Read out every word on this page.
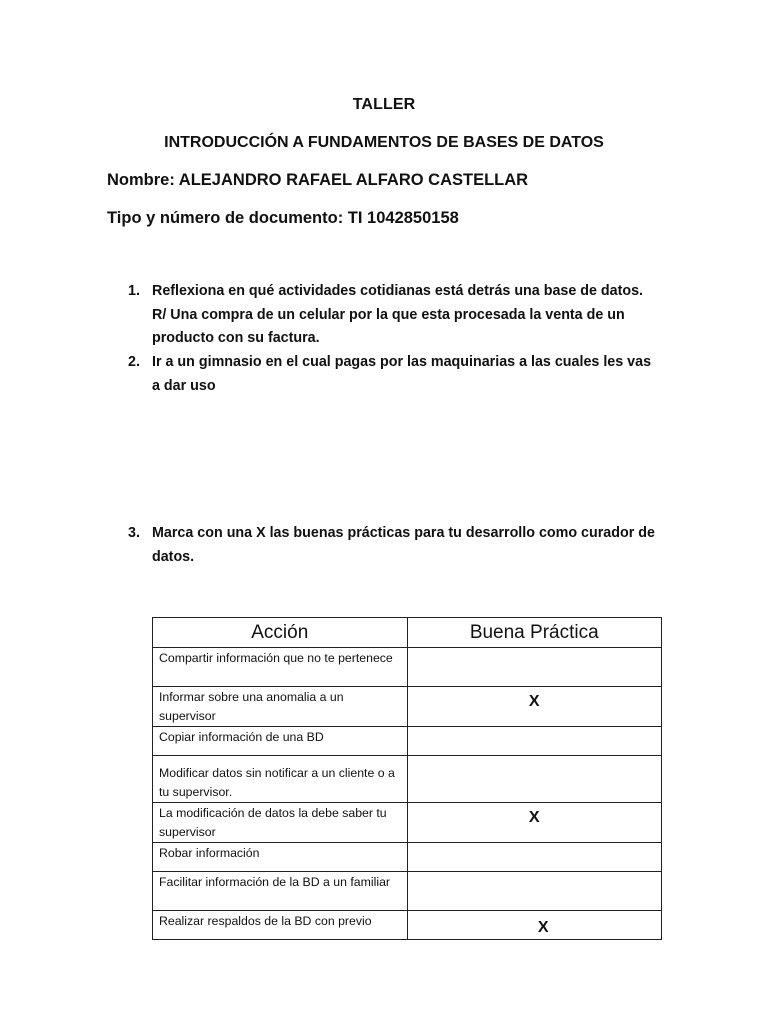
TALLER
INTRODUCCIÓN A FUNDAMENTOS DE BASES DE DATOS
Nombre: ALEJANDRO RAFAEL ALFARO CASTELLAR
Tipo y número de documento: TI 1042850158
1. Reflexiona en qué actividades cotidianas está detrás una base de datos. R/ Una compra de un celular por la que esta procesada la venta de un producto con su factura.
2. Ir a un gimnasio en el cual pagas por las maquinarias a las cuales les vas a dar uso
3. Marca con una X las buenas prácticas para tu desarrollo como curador de datos.
Acción	Buena Práctica
Compartir información que no te pertenece	
Informar sobre una anomalia a un supervisor	X
Copiar información de una BD	
Modificar datos sin notificar a un cliente o a tu supervisor.	
La modificación de datos la debe saber tu supervisor	X
Robar información	
Facilitar información de la BD a un familiar	
Realizar respaldos de la BD con previo	X
